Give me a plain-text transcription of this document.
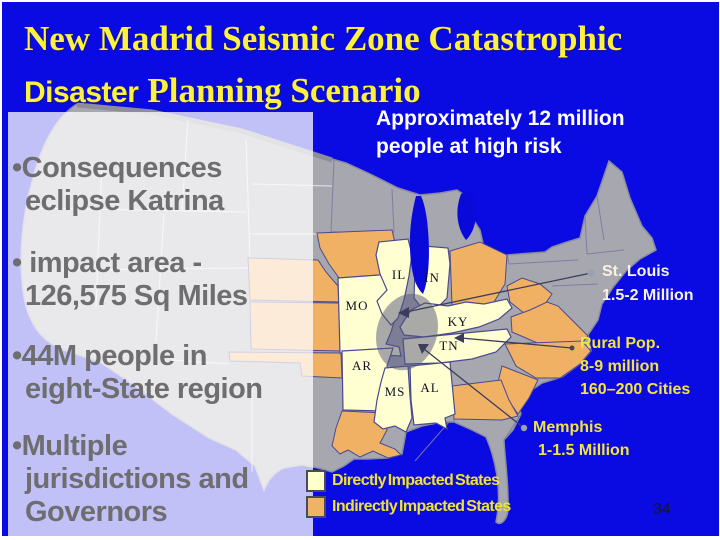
New Madrid Seismic Zone Catastrophic
Disaster Planning Scenario
Approximately 12 million
people at high risk
IL IN
MO
KY
TN
AR
MS AL
•Consequences
eclipse Katrina
• impact area -
126,575 Sq Miles
•44M people in
eight-State region
•Multiple
jurisdictions and
Governors
St. Louis
1.5-2 Million
Rural Pop.
8-9 million
160–200 Cities
Memphis
1-1.5 Million
Directly Impacted States
Indirectly Impacted States	34
